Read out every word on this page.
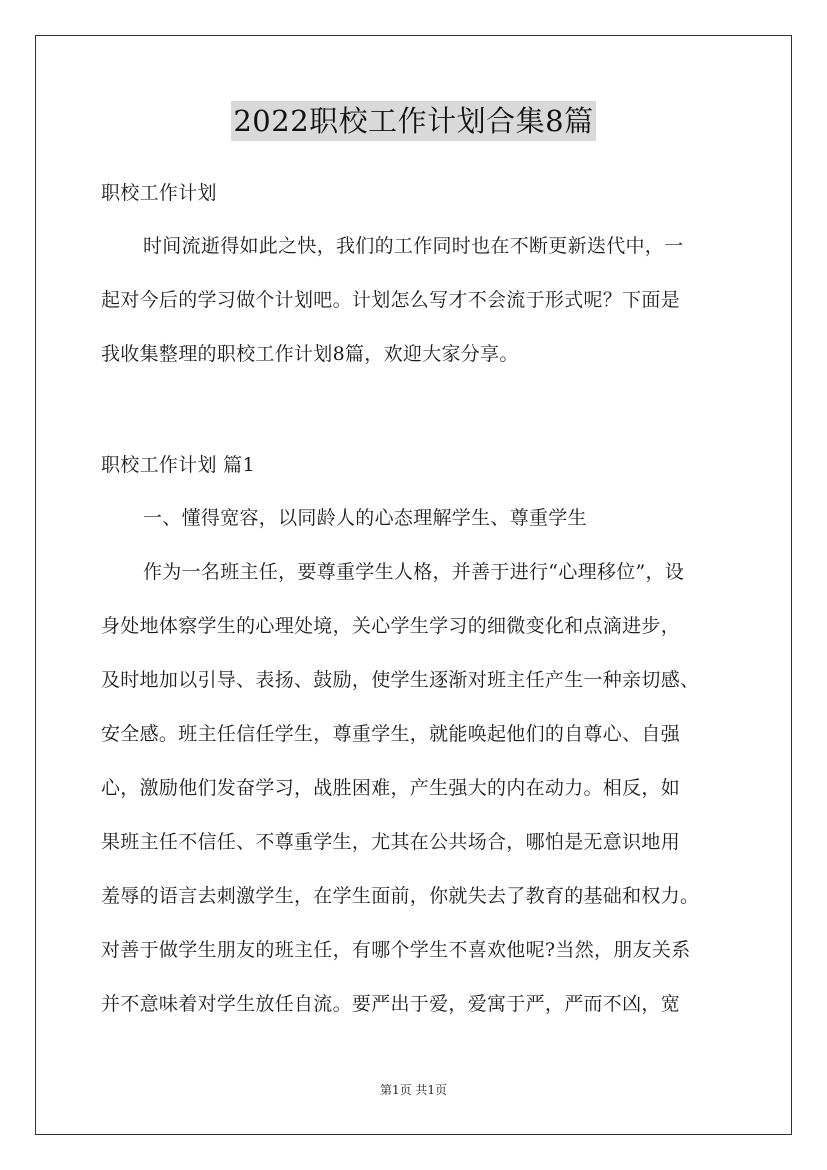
2022职校工作计划合集8篇
职校工作计划
时间流逝得如此之快，我们的工作同时也在不断更新迭代中，一
起对今后的学习做个计划吧。计划怎么写才不会流于形式呢？下面是
我收集整理的职校工作计划8篇，欢迎大家分享。
职校工作计划 篇1
一、懂得宽容，以同龄人的心态理解学生、尊重学生
作为一名班主任，要尊重学生人格，并善于进行“心理移位”，设
身处地体察学生的心理处境，关心学生学习的细微变化和点滴进步，
及时地加以引导、表扬、鼓励，使学生逐渐对班主任产生一种亲切感、
安全感。班主任信任学生，尊重学生，就能唤起他们的自尊心、自强
心，激励他们发奋学习，战胜困难，产生强大的内在动力。相反，如
果班主任不信任、不尊重学生，尤其在公共场合，哪怕是无意识地用
羞辱的语言去刺激学生，在学生面前，你就失去了教育的基础和权力。
对善于做学生朋友的班主任，有哪个学生不喜欢他呢?当然，朋友关系
并不意味着对学生放任自流。要严出于爱，爱寓于严，严而不凶，宽
第1页 共1页
